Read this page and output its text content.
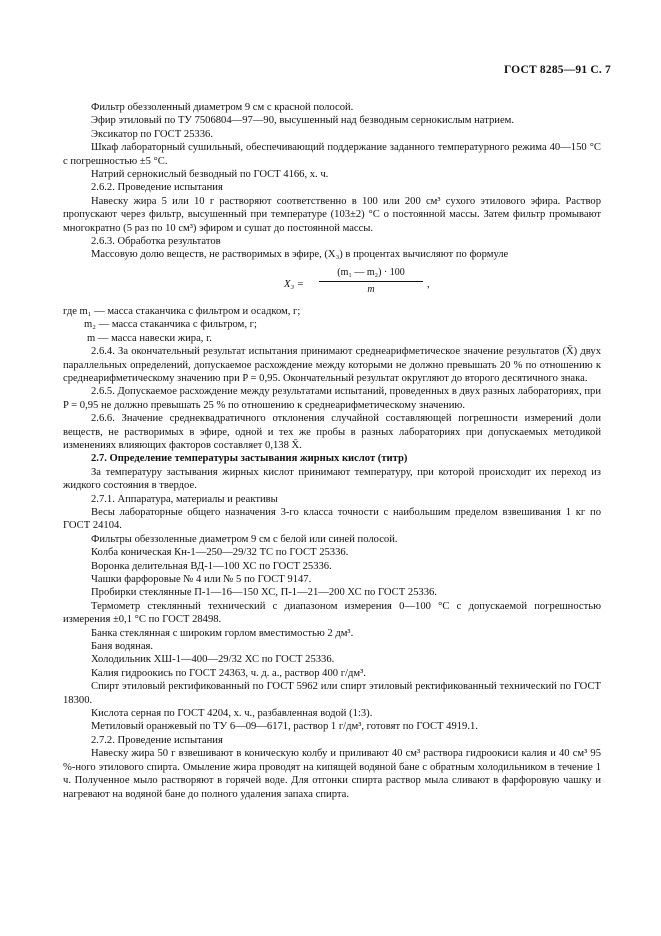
ГОСТ 8285—91 С. 7

Фильтр обеззоленный диаметром 9 см с красной полосой.

Эфир этиловый по ТУ 7506804—97—90, высушенный над безводным сернокислым натрием.

Эксикатор по ГОСТ 25336.

Шкаф лабораторный сушильный, обеспечивающий поддержание заданного температурного режима 40—150 °С с погрешностью ±5 °С.

Натрий сернокислый безводный по ГОСТ 4166, х. ч.

2.6.2. Проведение испытания

Навеску жира 5 или 10 г растворяют соответственно в 100 или 200 см³ сухого этилового эфира. Раствор пропускают через фильтр, высушенный при температуре (103±2) °С о постоянной массы. Затем фильтр промывают многократно (5 раз по 10 см³) эфиром и сушат до постоянной массы.

2.6.3. Обработка результатов

Массовую долю веществ, не растворимых в эфире, (X₃) в процентах вычисляют по формуле

$X_3 = \frac{\text{(m₁ — m₂) · 100}}{m}$ ,
где m₁ — масса стаканчика с фильтром и осадком, г;
m₂ — масса стаканчика с фильтром, г;
m — масса навески жира, г.

2.6.4. За окончательный результат испытания принимают среднеарифметическое значение результатов (X̄) двух параллельных определений, допускаемое расхождение между которыми не должно превышать 20 % по отношению к среднеарифметическому значению при P = 0,95. Окончательный результат округляют до второго десятичного знака.

2.6.5. Допускаемое расхождение между результатами испытаний, проведенных в двух разных лабораториях, при P = 0,95 не должно превышать 25 % по отношению к среднеарифметическому значению.

2.6.6. Значение среднеквадратичного отклонения случайной составляющей погрешности измерений доли веществ, не растворимых в эфире, одной и тех же пробы в разных лабораториях при допускаемых методикой изменениях влияющих факторов составляет 0,138 X̄.

2.7. Определение температуры застывания жирных кислот (титр)

За температуру застывания жирных кислот принимают температуру, при которой происходит их переход из жидкого состояния в твердое.

2.7.1. Аппаратура, материалы и реактивы

Весы лабораторные общего назначения 3-го класса точности с наибольшим пределом взвешивания 1 кг по ГОСТ 24104.

Фильтры обеззоленные диаметром 9 см с белой или синей полосой.

Колба коническая Кн-1—250—29/32 ТС по ГОСТ 25336.

Воронка делительная ВД-1—100 ХС по ГОСТ 25336.

Чашки фарфоровые № 4 или № 5 по ГОСТ 9147.

Пробирки стеклянные П-1—16—150 ХС, П-1—21—200 ХС по ГОСТ 25336.

Термометр стеклянный технический с диапазоном измерения 0—100 °С с допускаемой погрешностью измерения ±0,1 °С по ГОСТ 28498.

Банка стеклянная с широким горлом вместимостью 2 дм³.

Баня водяная.

Холодильник ХШ-1—400—29/32 ХС по ГОСТ 25336.

Калия гидроокись по ГОСТ 24363, ч. д. а., раствор 400 г/дм³.

Спирт этиловый ректификованный по ГОСТ 5962 или спирт этиловый ректификованный технический по ГОСТ 18300.

Кислота серная по ГОСТ 4204, х. ч., разбавленная водой (1:3).

Метиловый оранжевый по ТУ 6—09—6171, раствор 1 г/дм³, готовят по ГОСТ 4919.1.

2.7.2. Проведение испытания

Навеску жира 50 г взвешивают в коническую колбу и приливают 40 см³ раствора гидроокиси калия и 40 см³ 95 %-ного этилового спирта. Омыление жира проводят на кипящей водяной бане с обратным холодильником в течение 1 ч. Полученное мыло растворяют в горячей воде. Для отгонки спирта раствор мыла сливают в фарфоровую чашку и нагревают на водяной бане до полного удаления запаха спирта.
